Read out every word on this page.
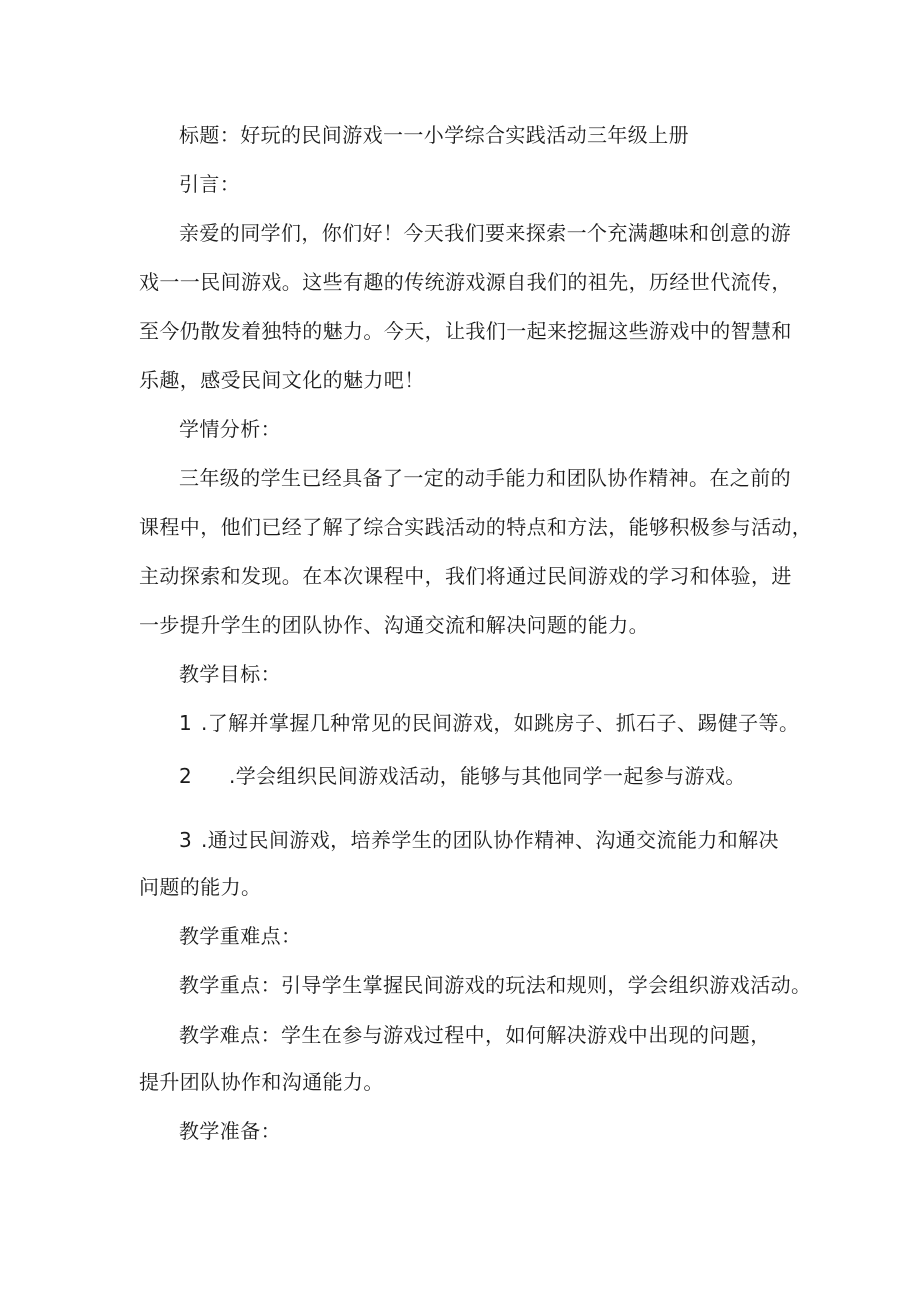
标题：好玩的民间游戏一一小学综合实践活动三年级上册
引言：
亲爱的同学们，你们好！今天我们要来探索一个充满趣味和创意的游
戏一一民间游戏。这些有趣的传统游戏源自我们的祖先，历经世代流传，
至今仍散发着独特的魅力。今天，让我们一起来挖掘这些游戏中的智慧和
乐趣，感受民间文化的魅力吧！
学情分析：
三年级的学生已经具备了一定的动手能力和团队协作精神。在之前的
课程中，他们已经了解了综合实践活动的特点和方法，能够积极参与活动，
主动探索和发现。在本次课程中，我们将通过民间游戏的学习和体验，进
一步提升学生的团队协作、沟通交流和解决问题的能力。
教学目标：
1 .了解并掌握几种常见的民间游戏，如跳房子、抓石子、踢健子等。
2 .学会组织民间游戏活动，能够与其他同学一起参与游戏。
3 .通过民间游戏，培养学生的团队协作精神、沟通交流能力和解决
问题的能力。
教学重难点：
教学重点：引导学生掌握民间游戏的玩法和规则，学会组织游戏活动。
教学难点：学生在参与游戏过程中，如何解决游戏中出现的问题，
提升团队协作和沟通能力。
教学准备：
